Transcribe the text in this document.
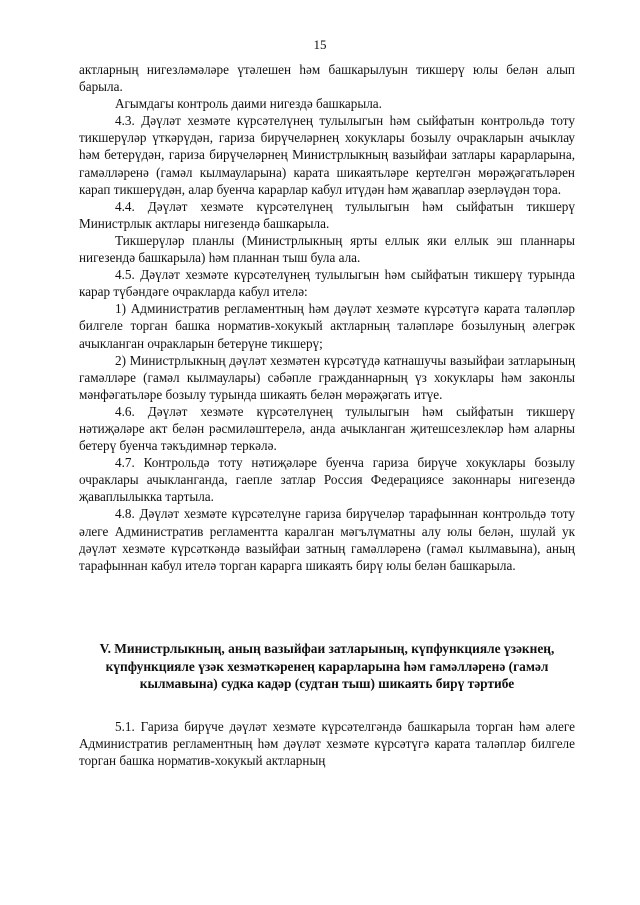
15

актларның нигезләмәләре үтәлешен һәм башкарылуын тикшерү юлы белән алып барыла.

Агымдагы контроль даими нигездә башкарыла.

4.3. Дәүләт хезмәте күрсәтелүнең тулылыгын һәм сыйфатын контрольдә тоту тикшерүләр үткәрүдән, гариза бирүчеләрнең хокуклары бозылу очракларын ачыклау һәм бетерүдән, гариза бирүчеләрнең Министрлыкның вазыйфаи затлары карарларына, гамәлләренә (гамәл кылмауларына) карата шикаятьләре кертелгән мөрәҗәгатьләрен карап тикшерүдән, алар буенча карарлар кабул итүдән һәм җаваплар әзерләүдән тора.

4.4. Дәүләт хезмәте күрсәтелүнең тулылыгын һәм сыйфатын тикшерү Министрлык актлары нигезендә башкарыла.

Тикшерүләр планлы (Министрлыкның ярты еллык яки еллык эш планнары нигезендә башкарыла) һәм планнан тыш була ала.

4.5. Дәүләт хезмәте күрсәтелүнең тулылыгын һәм сыйфатын тикшерү турында карар түбәндәге очракларда кабул ителә:

1) Административ регламентның һәм дәүләт хезмәте күрсәтүгә карата таләпләр билгеле торган башка норматив-хокукый актларның таләпләре бозылуның әлегрәк ачыкланган очракларын бетерүне тикшерү;

2) Министрлыкның дәүләт хезмәтен күрсәтүдә катнашучы вазыйфаи затларының гамәлләре (гамәл кылмаулары) сәбәпле гражданнарның үз хокуклары һәм законлы мәнфәгатьләре бозылу турында шикаять белән мөрәҗәгать итүе.

4.6. Дәүләт хезмәте күрсәтелүнең тулылыгын һәм сыйфатын тикшерү нәтиҗәләре акт белән рәсмиләштерелә, анда ачыкланган җитешсезлекләр һәм аларны бетерү буенча тәкъдимнәр теркәлә.

4.7. Контрольдә тоту нәтиҗәләре буенча гариза бирүче хокуклары бозылу очраклары ачыкланганда, гаепле затлар Россия Федерациясе законнары нигезендә җаваплылыкка тартыла.

4.8. Дәүләт хезмәте күрсәтелүне гариза бирүчеләр тарафыннан контрольдә тоту әлеге Административ регламентта каралган мәгълүматны алу юлы белән, шулай ук дәүләт хезмәте күрсәткәндә вазыйфаи затның гамәлләренә (гамәл кылмавына), аның тарафыннан кабул ителә торган карарга шикаять бирү юлы белән башкарыла.

V. Министрлыкның, аның вазыйфаи затларының, күпфункцияле үзәкнең, күпфункцияле үзәк хезмәткәренең карарларына һәм гамәлләренә (гамәл кылмавына) судка кадәр (судтан тыш) шикаять бирү тәртибе

5.1. Гариза бирүче дәүләт хезмәте күрсәтелгәндә башкарыла торган һәм әлеге Административ регламентның һәм дәүләт хезмәте күрсәтүгә карата таләпләр билгеле торган башка норматив-хокукый актларның
